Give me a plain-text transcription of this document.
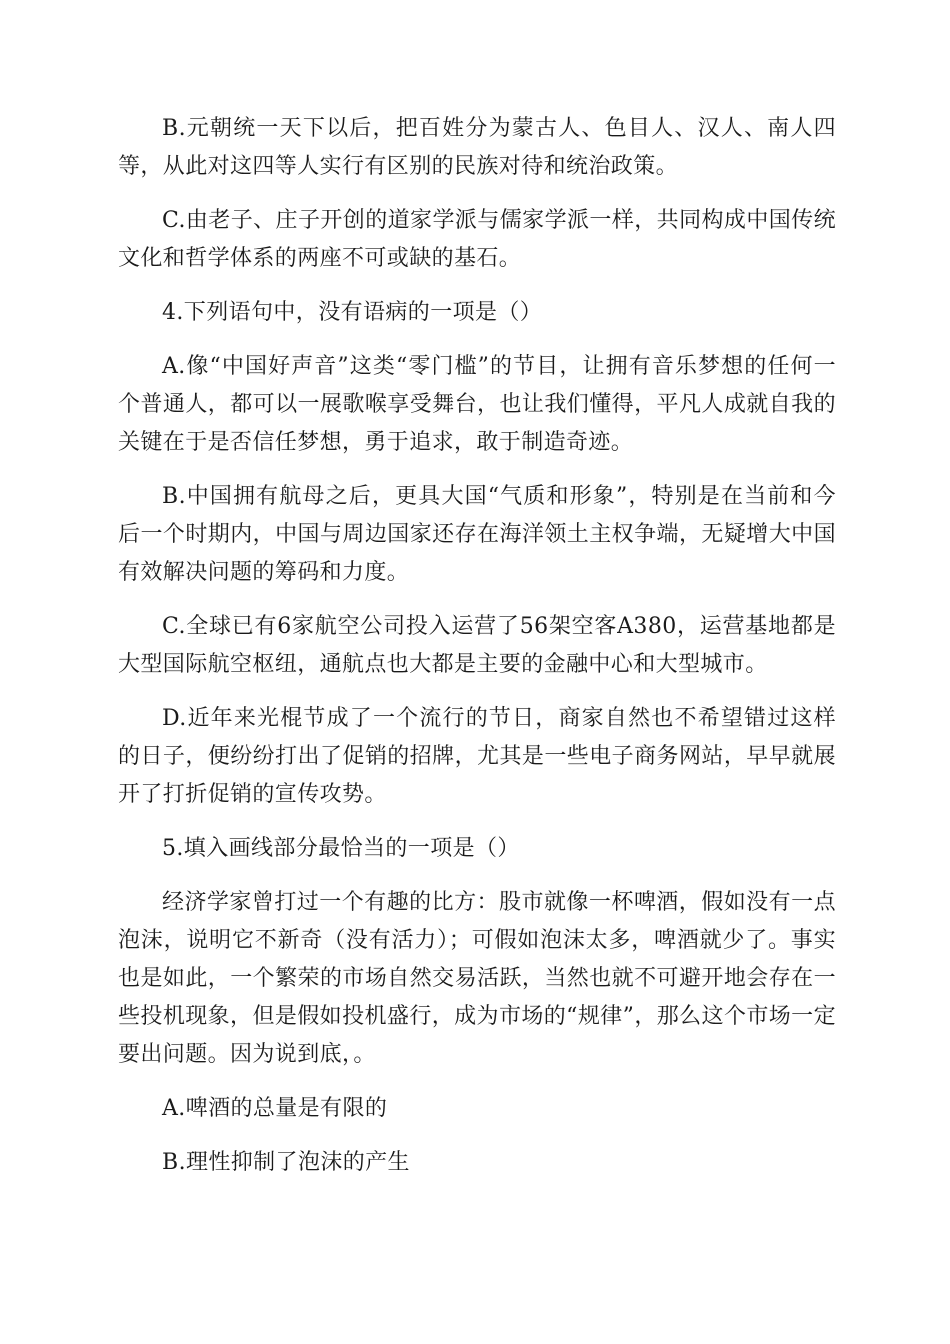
B.元朝统一天下以后，把百姓分为蒙古人、色目人、汉人、南人四等，从此对这四等人实行有区别的民族对待和统治政策。

C.由老子、庄子开创的道家学派与儒家学派一样，共同构成中国传统文化和哲学体系的两座不可或缺的基石。

4.下列语句中，没有语病的一项是（）

A.像“中国好声音”这类“零门槛”的节目，让拥有音乐梦想的任何一个普通人，都可以一展歌喉享受舞台，也让我们懂得，平凡人成就自我的关键在于是否信任梦想，勇于追求，敢于制造奇迹。

B.中国拥有航母之后，更具大国“气质和形象”，特别是在当前和今后一个时期内，中国与周边国家还存在海洋领土主权争端，无疑增大中国有效解决问题的筹码和力度。

C.全球已有6家航空公司投入运营了56架空客A380，运营基地都是大型国际航空枢纽，通航点也大都是主要的金融中心和大型城市。

D.近年来光棍节成了一个流行的节日，商家自然也不希望错过这样的日子，便纷纷打出了促销的招牌，尤其是一些电子商务网站，早早就展开了打折促销的宣传攻势。

5.填入画线部分最恰当的一项是（）

经济学家曾打过一个有趣的比方：股市就像一杯啤酒，假如没有一点泡沫，说明它不新奇（没有活力）；可假如泡沫太多，啤酒就少了。事实也是如此，一个繁荣的市场自然交易活跃，当然也就不可避开地会存在一些投机现象，但是假如投机盛行，成为市场的“规律”，那么这个市场一定要出问题。因为说到底，。

A.啤酒的总量是有限的

B.理性抑制了泡沫的产生
